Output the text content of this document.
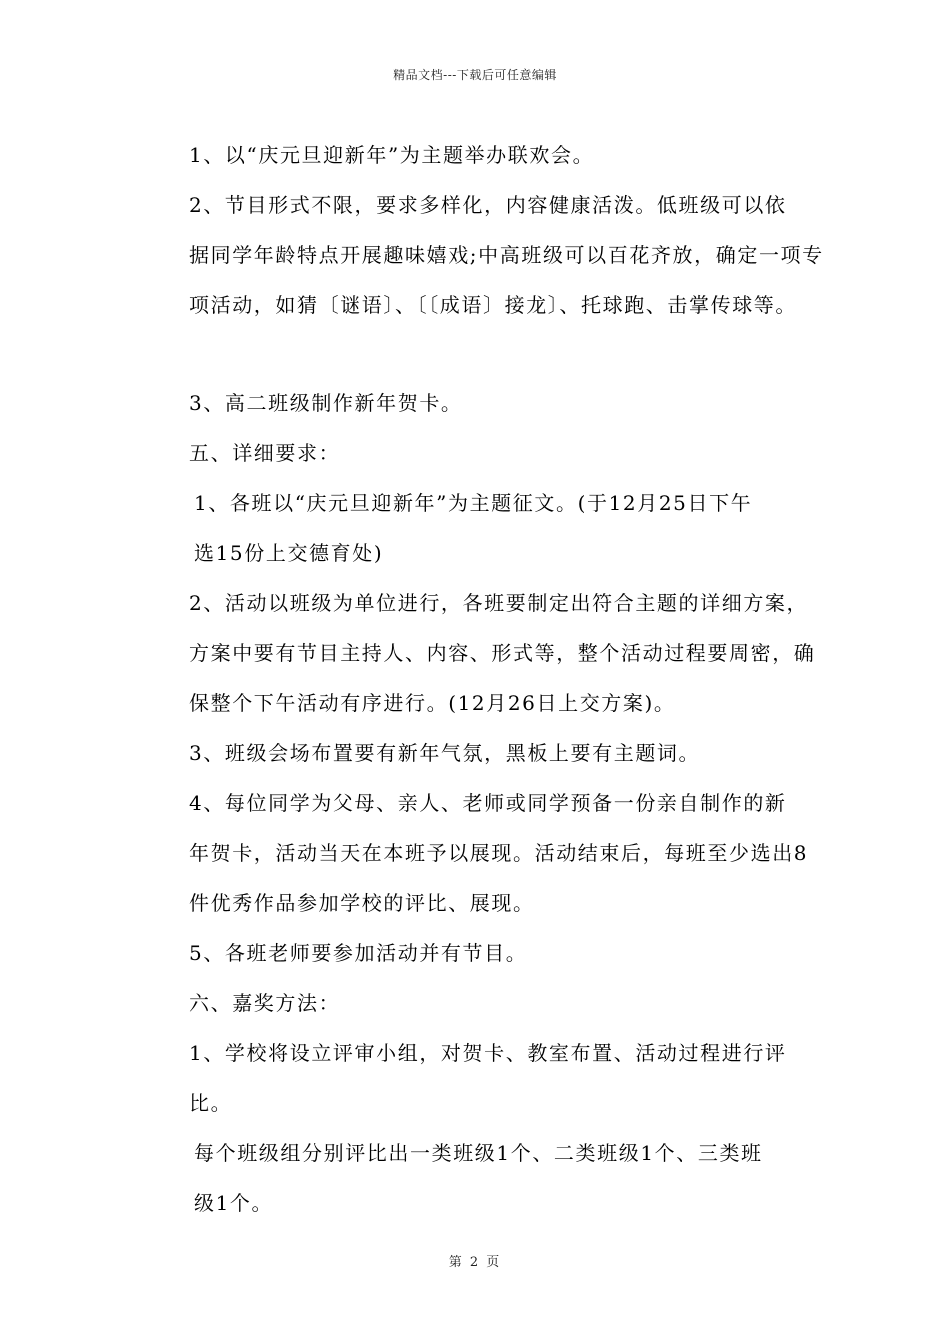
精品文档---下载后可任意编辑

1、以“庆元旦迎新年”为主题举办联欢会。

2、节目形式不限，要求多样化，内容健康活泼。低班级可以依
据同学年龄特点开展趣味嬉戏;中高班级可以百花齐放，确定一项专
项活动，如猜〔谜语〕、〔〔成语〕接龙〕、托球跑、击掌传球等。

3、高二班级制作新年贺卡。

五、详细要求：

1、各班以“庆元旦迎新年”为主题征文。(于12月25日下午
选15份上交德育处)

2、活动以班级为单位进行，各班要制定出符合主题的详细方案，
方案中要有节目主持人、内容、形式等，整个活动过程要周密，确
保整个下午活动有序进行。(12月26日上交方案)。

3、班级会场布置要有新年气氛，黑板上要有主题词。

4、每位同学为父母、亲人、老师或同学预备一份亲自制作的新
年贺卡，活动当天在本班予以展现。活动结束后，每班至少选出8
件优秀作品参加学校的评比、展现。

5、各班老师要参加活动并有节目。

六、嘉奖方法：

1、学校将设立评审小组，对贺卡、教室布置、活动过程进行评
比。

每个班级组分别评比出一类班级1个、二类班级1个、三类班
级1个。

第 2 页
